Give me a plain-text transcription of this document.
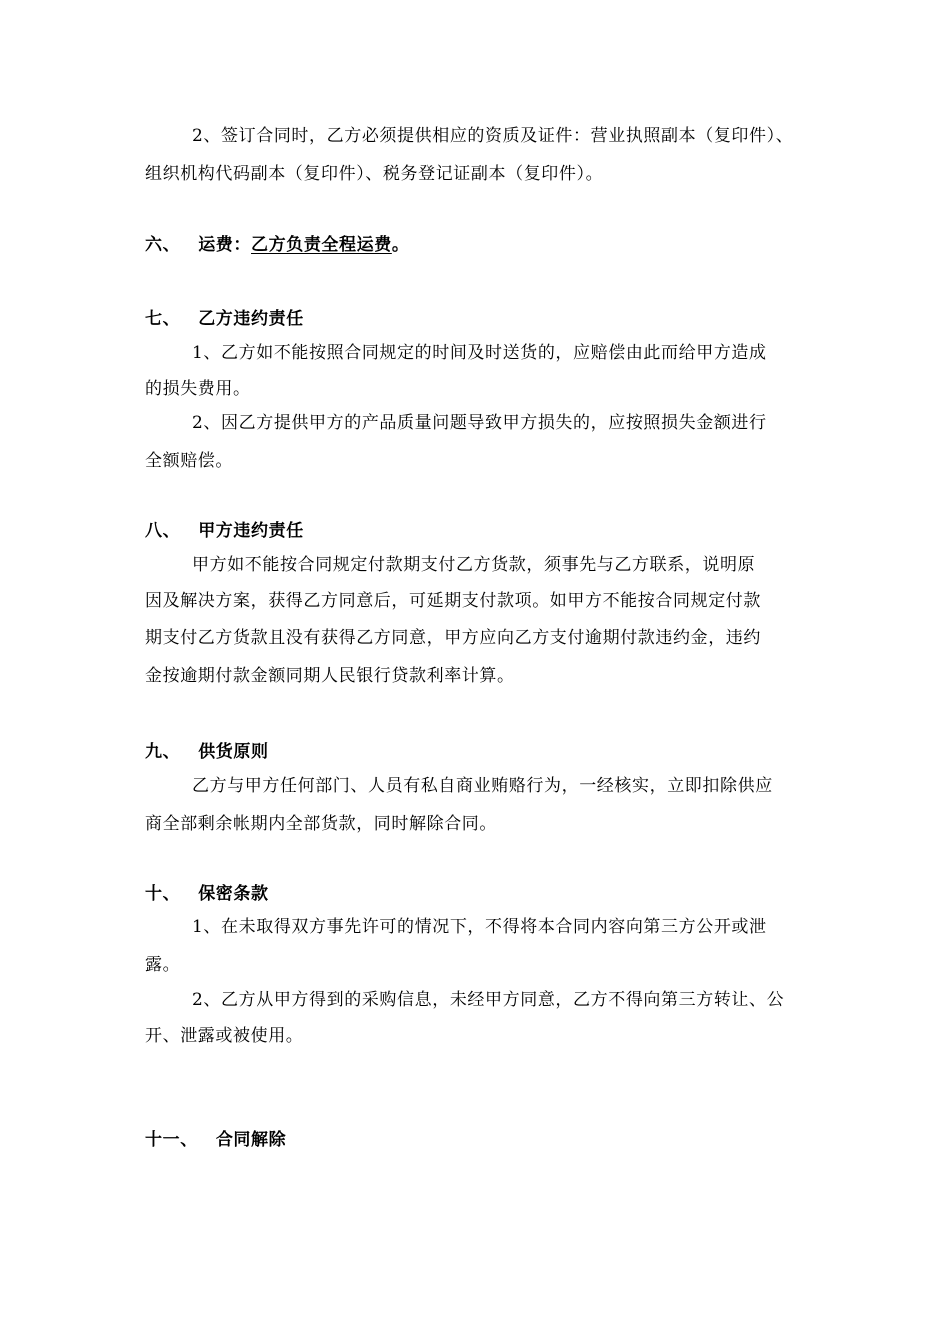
2、签订合同时，乙方必须提供相应的资质及证件：营业执照副本（复印件）、
组织机构代码副本（复印件）、税务登记证副本（复印件）。
六、 运费：乙方负责全程运费。
七、 乙方违约责任
1、乙方如不能按照合同规定的时间及时送货的，应赔偿由此而给甲方造成
的损失费用。
2、因乙方提供甲方的产品质量问题导致甲方损失的，应按照损失金额进行
全额赔偿。
八、 甲方违约责任
甲方如不能按合同规定付款期支付乙方货款，须事先与乙方联系，说明原
因及解决方案，获得乙方同意后，可延期支付款项。如甲方不能按合同规定付款
期支付乙方货款且没有获得乙方同意，甲方应向乙方支付逾期付款违约金，违约
金按逾期付款金额同期人民银行贷款利率计算。
九、 供货原则
乙方与甲方任何部门、人员有私自商业贿赂行为，一经核实，立即扣除供应
商全部剩余帐期内全部货款，同时解除合同。
十、 保密条款
1、在未取得双方事先许可的情况下，不得将本合同内容向第三方公开或泄
露。
2、乙方从甲方得到的采购信息，未经甲方同意，乙方不得向第三方转让、公
开、泄露或被使用。
十一、 合同解除
